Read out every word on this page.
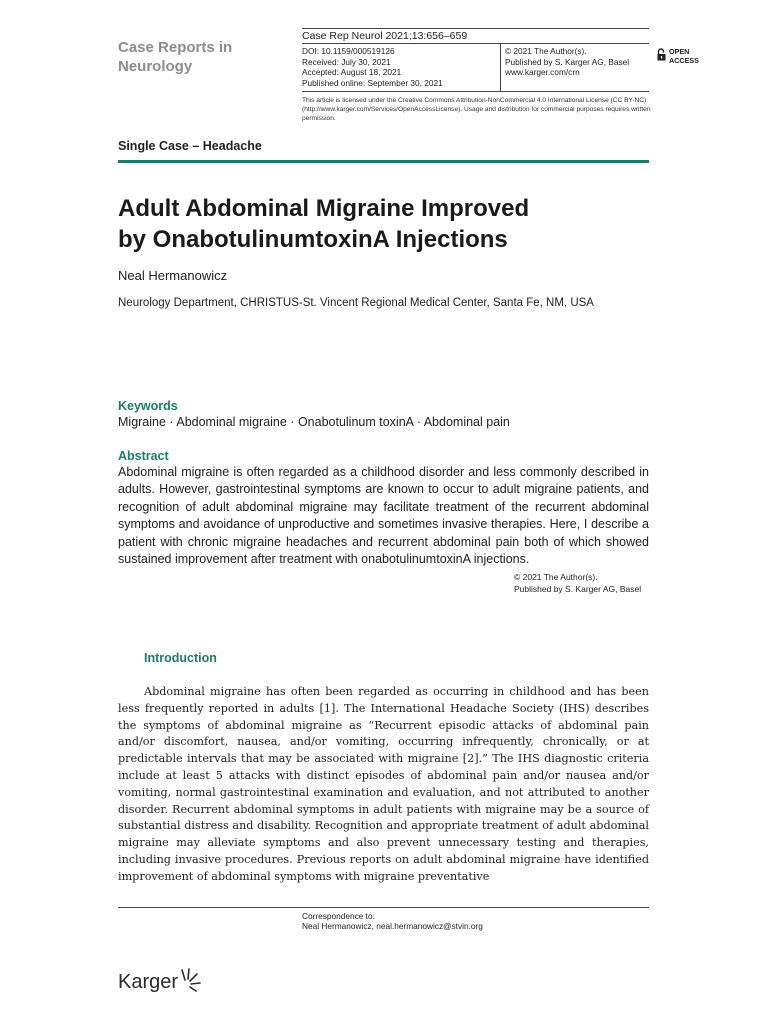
Case Reports in
Neurology
Case Rep Neurol 2021;13:656–659
DOI: 10.1159/000519126
Received: July 30, 2021
Accepted: August 18, 2021
Published online: September 30, 2021
© 2021 The Author(s).
Published by S. Karger AG, Basel
www.karger.com/crn
OPEN
ACCESS
This article is licensed under the Creative Commons Attribution-NonCommercial 4.0 International License (CC BY-NC) (http://www.karger.com/Services/OpenAccessLicense). Usage and distribution for commercial purposes requires written permission.
Single Case – Headache
Adult Abdominal Migraine Improved
by OnabotulinumtoxinA Injections
Neal Hermanowicz
Neurology Department, CHRISTUS-St. Vincent Regional Medical Center, Santa Fe, NM, USA
Keywords
Migraine · Abdominal migraine · Onabotulinum toxinA · Abdominal pain
Abstract
Abdominal migraine is often regarded as a childhood disorder and less commonly described in adults. However, gastrointestinal symptoms are known to occur to adult migraine patients, and recognition of adult abdominal migraine may facilitate treatment of the recurrent abdominal symptoms and avoidance of unproductive and sometimes invasive therapies. Here, I describe a patient with chronic migraine headaches and recurrent abdominal pain both of which showed sustained improvement after treatment with onabotulinumtoxinA injections.
© 2021 The Author(s).
Published by S. Karger AG, Basel
Introduction

Abdominal migraine has often been regarded as occurring in childhood and has been less frequently reported in adults [1]. The International Headache Society (IHS) describes the symptoms of abdominal migraine as “Recurrent episodic attacks of abdominal pain and/or discomfort, nausea, and/or vomiting, occurring infrequently, chronically, or at predictable intervals that may be associated with migraine [2].” The IHS diagnostic criteria include at least 5 attacks with distinct episodes of abdominal pain and/or nausea and/or vomiting, normal gastrointestinal examination and evaluation, and not attributed to another disorder. Recurrent abdominal symptoms in adult patients with migraine may be a source of substantial distress and disability. Recognition and appropriate treatment of adult abdominal migraine may alleviate symptoms and also prevent unnecessary testing and therapies, including invasive procedures. Previous reports on adult abdominal migraine have identified improvement of abdominal symptoms with migraine preventative

Correspondence to:
Neal Hermanowicz, neal.hermanowicz@stvin.org
Karger
